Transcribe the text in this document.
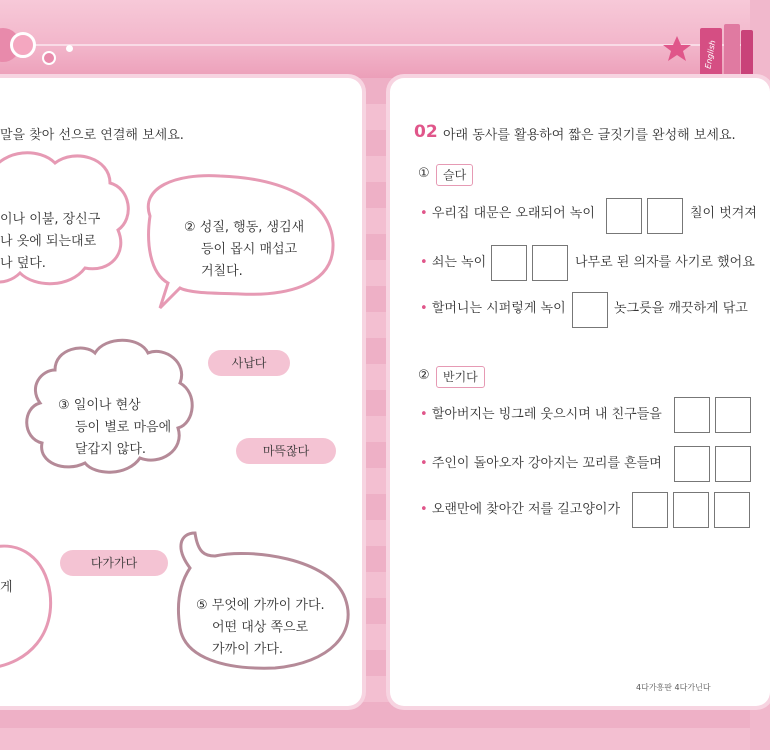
English
말을 찾아 선으로 연결해 보세요.
이나 이불, 장신구
나 옷에 되는대로
나 덮다.
② 성질, 행동, 생김새
등이 몹시 매섭고
거칠다.
③ 일이나 현상
등이 별로 마음에
달갑지 않다.
게
⑤ 무엇에 가까이 가다.
어떤 대상 쪽으로
가까이 가다.
사납다
마뜩잖다
다가가다
02 아래 동사를 활용하여 짧은 글짓기를 완성해 보세요.
①	슬다
• 우리집 대문은 오래되어 녹이	칠이 벗겨져
• 쇠는 녹이	나무로 된 의자를 사기로 했어요
• 할머니는 시퍼렇게 녹이	놋그릇을 깨끗하게 닦고
②	반기다
• 할아버지는 빙그레 웃으시며 내 친구들을
• 주인이 돌아오자 강아지는 꼬리를 흔들며
• 오랜만에 찾아간 저를 길고양이가
4다가흥판 4다가닌다
